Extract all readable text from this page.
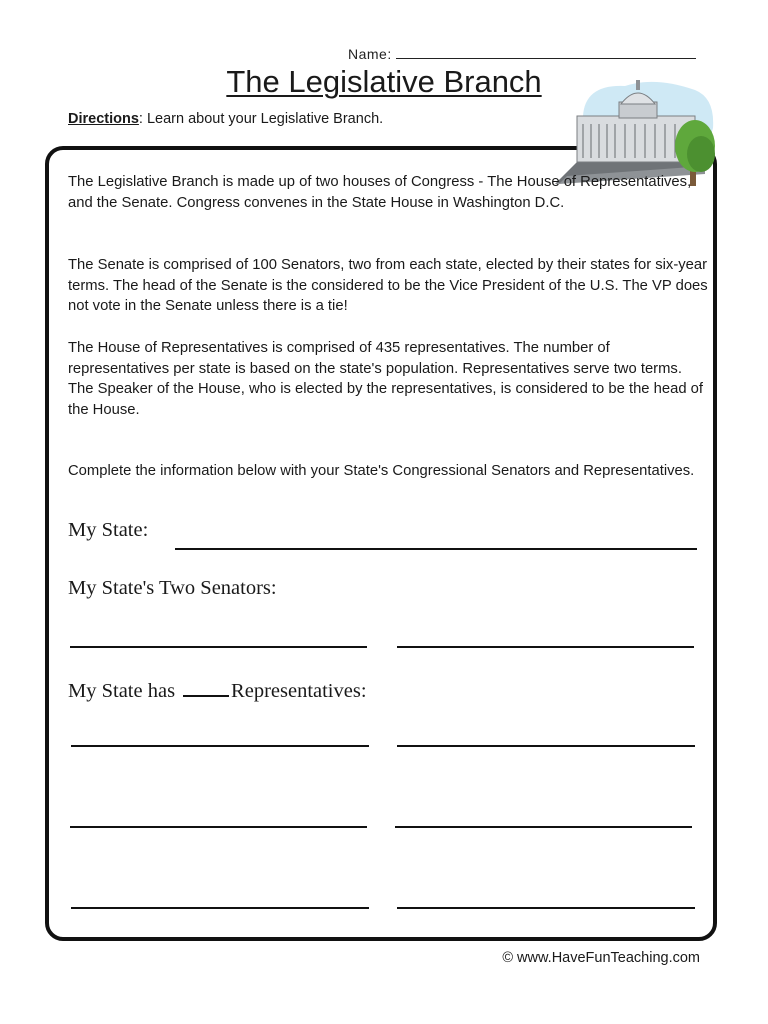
Name:
The Legislative Branch
Directions: Learn about your Legislative Branch.

The Legislative Branch is made up of two houses of Congress - The House of Representatives, and the Senate. Congress convenes in the State House in Washington D.C.

The Senate is comprised of 100 Senators, two from each state, elected by their states for six-year terms. The head of the Senate is the considered to be the Vice President of the U.S. The VP does not vote in the Senate unless there is a tie!

The House of Representatives is comprised of 435 representatives. The number of representatives per state is based on the state's population. Representatives serve two terms. The Speaker of the House, who is elected by the representatives, is considered to be the head of the House.

Complete the information below with your State's Congressional Senators and Representatives.

My State:
My State's Two Senators:
My State has	Representatives:
© www.HaveFunTeaching.com
